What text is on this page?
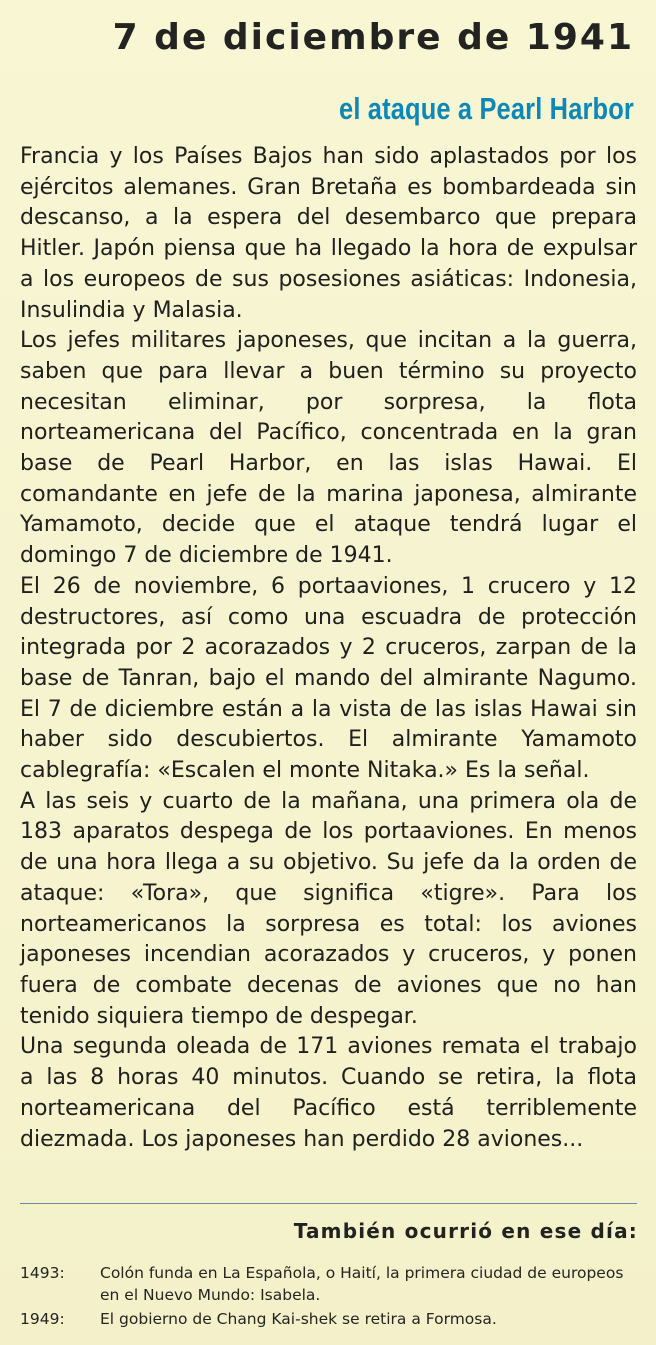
7 de diciembre de 1941
el ataque a Pearl Harbor

Francia y los Países Bajos han sido aplastados por los ejércitos alemanes. Gran Bretaña es bombardeada sin descanso, a la espera del desembarco que prepara Hitler. Japón piensa que ha llegado la hora de expulsar a los europeos de sus posesiones asiáticas: Indonesia, Insulindia y Malasia.

Los jefes militares japoneses, que incitan a la guerra, saben que para llevar a buen término su proyecto necesitan eliminar, por sorpresa, la flota norteamericana del Pacífico, concentrada en la gran base de Pearl Harbor, en las islas Hawai. El comandante en jefe de la marina japonesa, almirante Yamamoto, decide que el ataque tendrá lugar el domingo 7 de diciembre de 1941.

El 26 de noviembre, 6 portaaviones, 1 crucero y 12 destructores, así como una escuadra de protección integrada por 2 acorazados y 2 cruceros, zarpan de la base de Tanran, bajo el mando del almirante Nagumo. El 7 de diciembre están a la vista de las islas Hawai sin haber sido descubiertos. El almirante Yamamoto cablegrafía: «Escalen el monte Nitaka.» Es la señal.

A las seis y cuarto de la mañana, una primera ola de 183 aparatos despega de los portaaviones. En menos de una hora llega a su objetivo. Su jefe da la orden de ataque: «Tora», que significa «tigre». Para los norteamericanos la sorpresa es total: los aviones japoneses incendian acorazados y cruceros, y ponen fuera de combate decenas de aviones que no han tenido siquiera tiempo de despegar.

Una segunda oleada de 171 aviones remata el trabajo a las 8 horas 40 minutos. Cuando se retira, la flota norteamericana del Pacífico está terriblemente diezmada. Los japoneses han perdido 28 aviones...

También ocurrió en ese día:
1493:	Colón funda en La Española, o Haití, la primera ciudad de europeos en el Nuevo Mundo: Isabela.
1949:	El gobierno de Chang Kai-shek se retira a Formosa.
